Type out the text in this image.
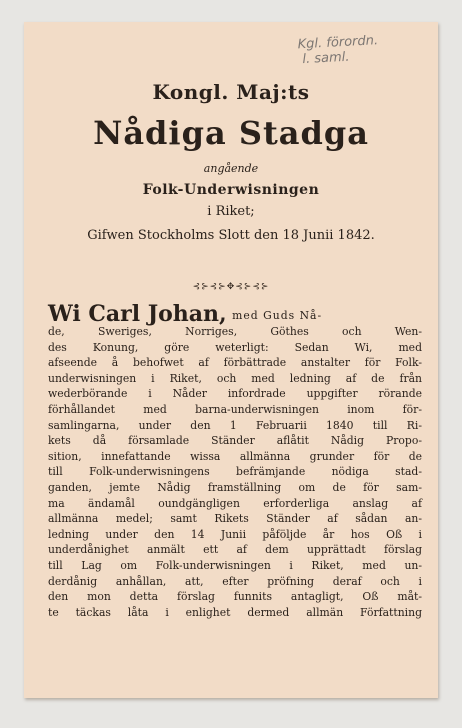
Kgl. förordn.
l. saml.
Kongl. Maj:ts
Nådiga Stadga
angående
Folk-Underwisningen
i Riket;
Gifwen Stockholms Slott den 18 Junii 1842.
⊰⊱⊰⊱✥⊰⊱⊰⊱
Wi Carl Johan, med Guds Nå-
de, Sweriges, Norriges, Göthes och Wen-
des Konung, göre weterligt: Sedan Wi, med
afseende å behofwet af förbättrade anstalter för Folk-
underwisningen i Riket, och med ledning af de från
wederbörande i Nåder infordrade uppgifter rörande
förhållandet med barna-underwisningen inom för-
samlingarna, under den 1 Februarii 1840 till Ri-
kets då församlade Ständer aflåtit Nådig Propo-
sition, innefattande wissa allmänna grunder för de
till Folk-underwisningens befrämjande nödiga stad-
ganden, jemte Nådig framställning om de för sam-
ma ändamål oundgängligen erforderliga anslag af
allmänna medel; samt Rikets Ständer af sådan an-
ledning under den 14 Junii påföljde år hos Oß i
underdånighet anmält ett af dem upprättadt förslag
till Lag om Folk-underwisningen i Riket, med un-
derdånig anhållan, att, efter pröfning deraf och i
den mon detta förslag funnits antagligt, Oß måt-
te täckas låta i enlighet dermed allmän Författning
